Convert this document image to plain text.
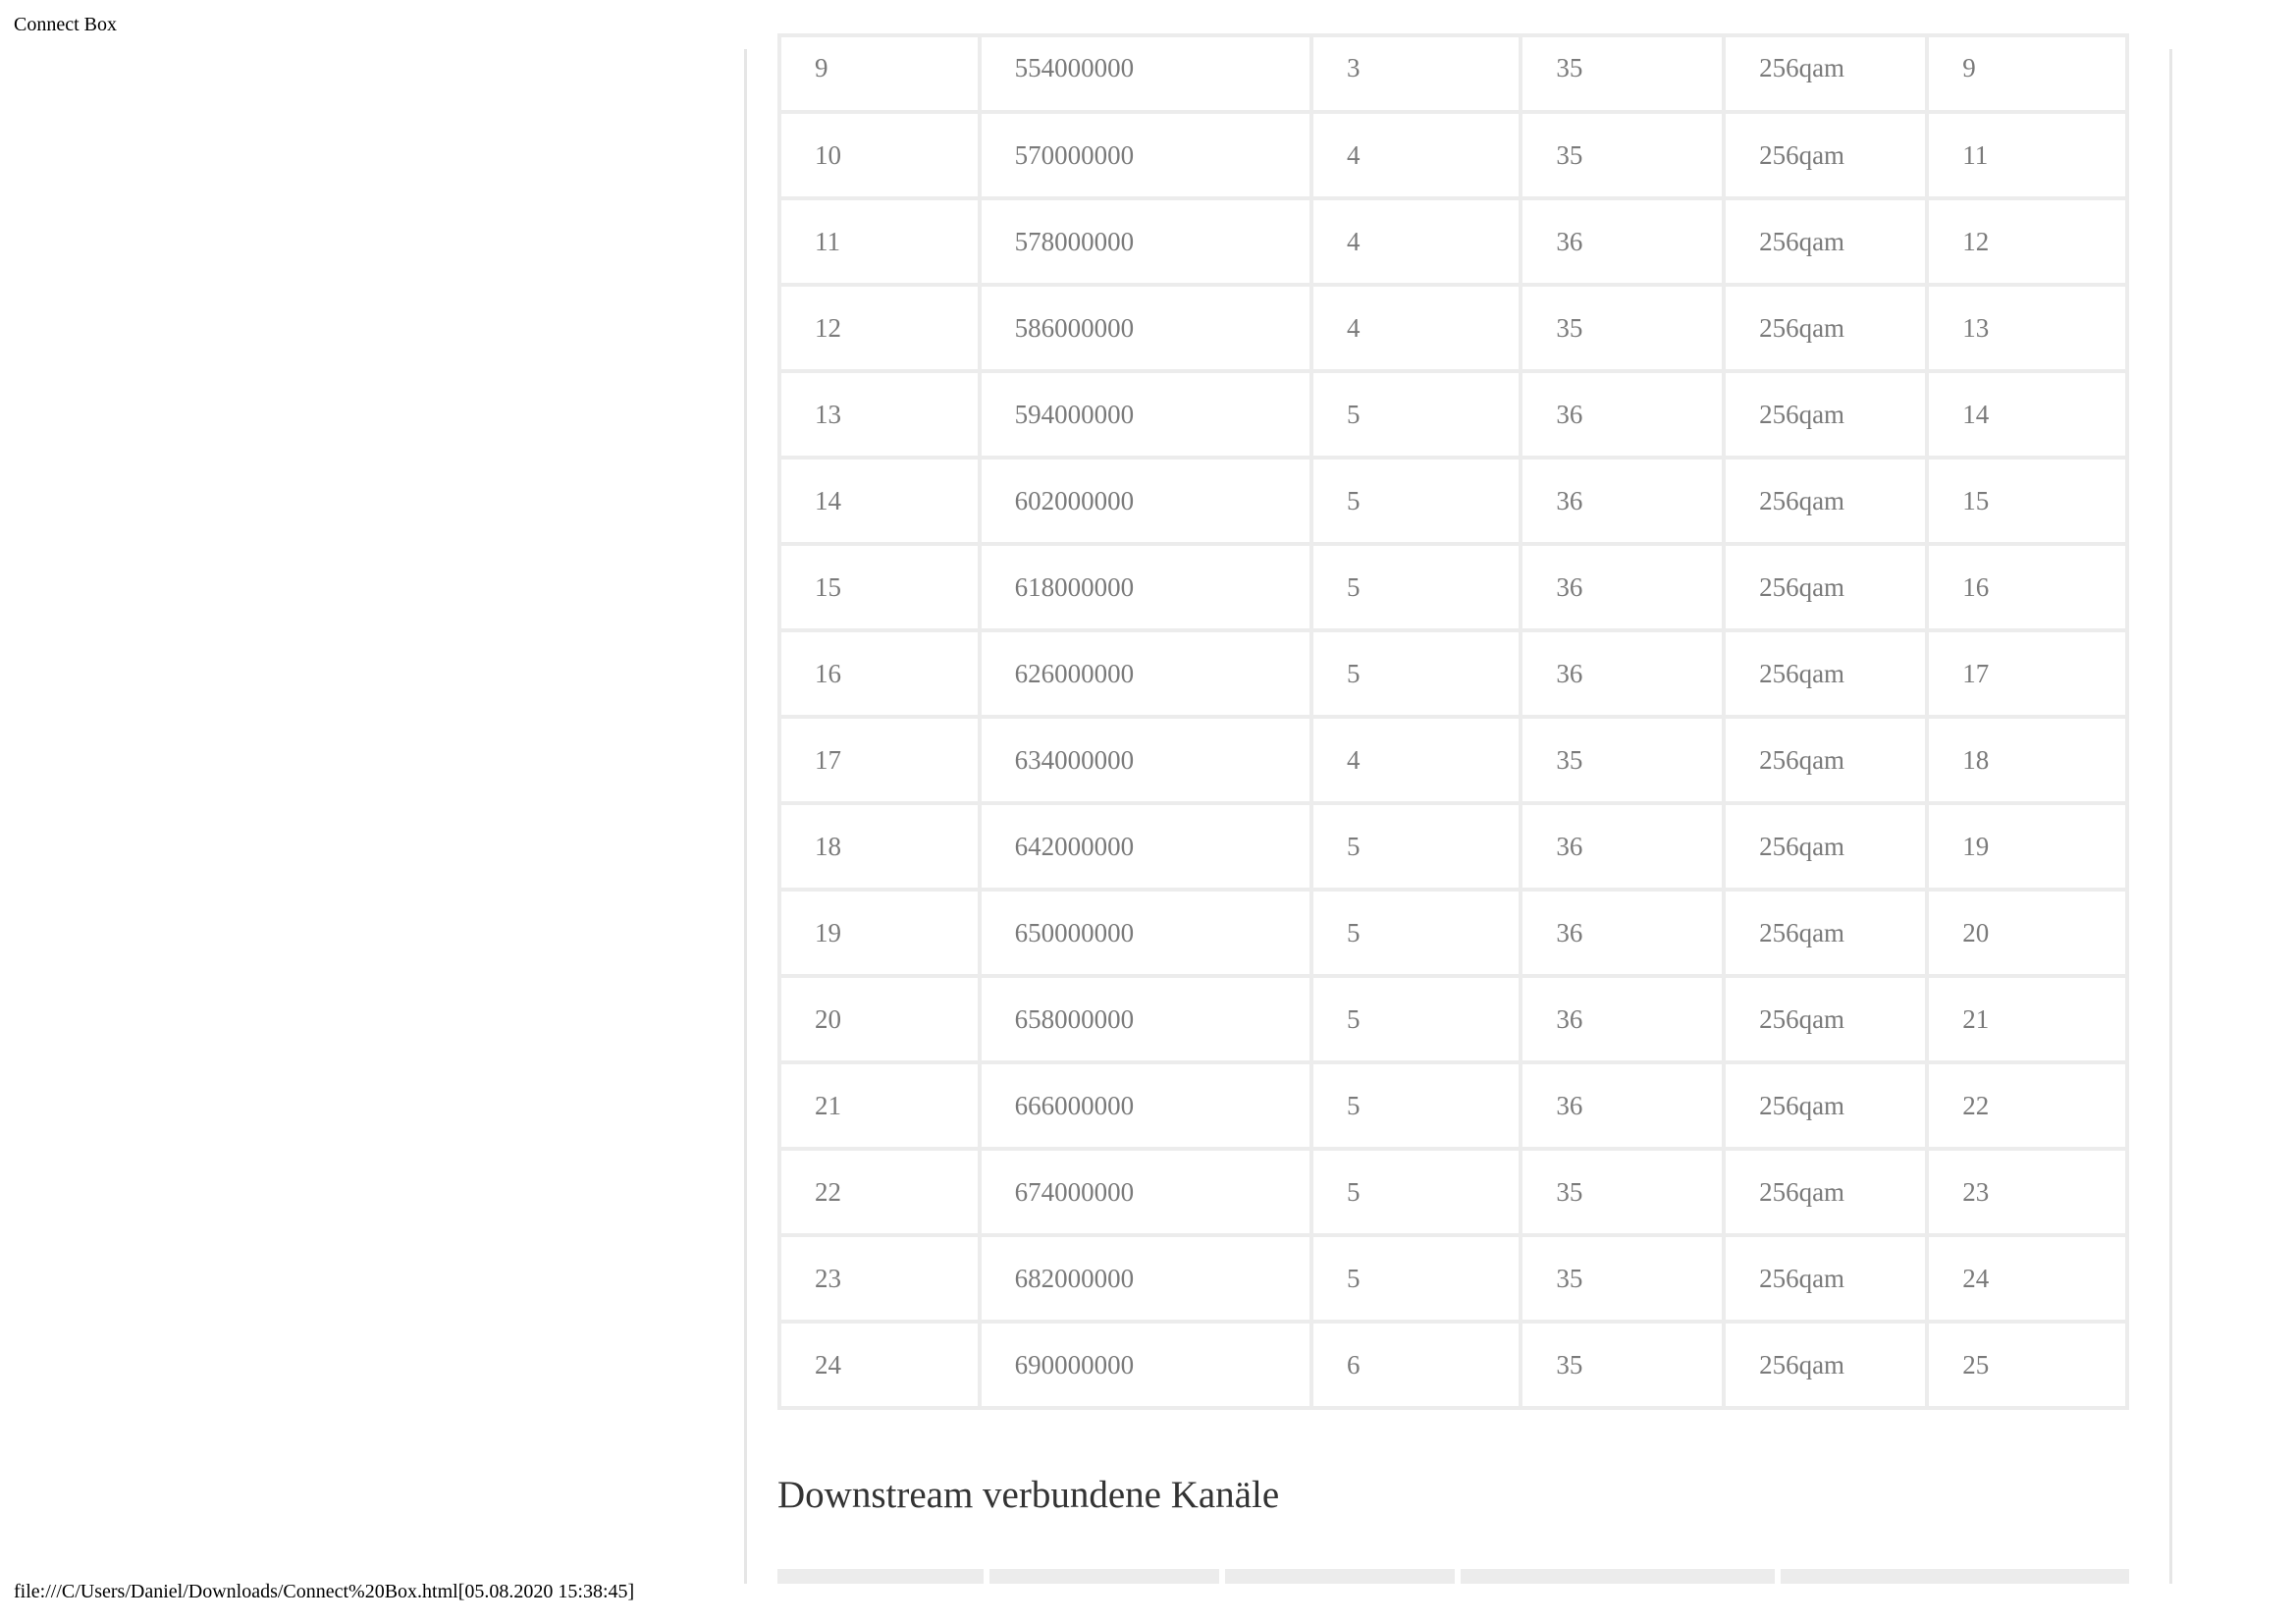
Connect Box
9	554000000	3	35	256qam	9
10	570000000	4	35	256qam	11
11	578000000	4	36	256qam	12
12	586000000	4	35	256qam	13
13	594000000	5	36	256qam	14
14	602000000	5	36	256qam	15
15	618000000	5	36	256qam	16
16	626000000	5	36	256qam	17
17	634000000	4	35	256qam	18
18	642000000	5	36	256qam	19
19	650000000	5	36	256qam	20
20	658000000	5	36	256qam	21
21	666000000	5	36	256qam	22
22	674000000	5	35	256qam	23
23	682000000	5	35	256qam	24
24	690000000	6	35	256qam	25
Downstream verbundene Kanäle
file:///C/Users/Daniel/Downloads/Connect%20Box.html[05.08.2020 15:38:45]
